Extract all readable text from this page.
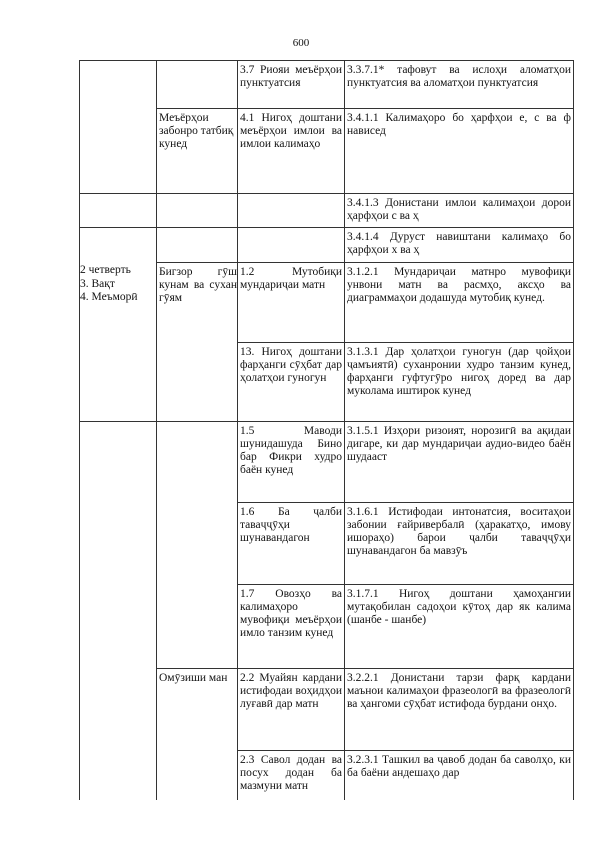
600
3.7 Риояи меъёрҳои пунктуатсия
3.3.7.1* тафовут ва ислоҳи аломатҳои пунктуатсия ва аломатҳои пунктуатсия
Меъёрҳои забонро татбиқ кунед
4.1 Нигоҳ доштани меъёрҳои имлои ва имлои калимаҳо
3.4.1.1 Калимаҳоро бо ҳарфҳои е, с ва ф нависед
3.4.1.3 Донистани имлои калимаҳои дорои ҳарфҳои с ва ҳ
3.4.1.4 Дуруст навиштани калимаҳо бо ҳарфҳои х ва ҳ
2 четверть
3. Вақт
4. Меъморӣ
Бигзор гӯш кунам ва сухан гӯям
1.2 Мутобиқи мундариҷаи матн
3.1.2.1 Мундариҷаи матнро мувофиқи унвони матн ва расмҳо, аксҳо ва диаграммаҳои додашуда мутобиқ кунед.
13. Нигоҳ доштани фарҳанги сӯҳбат дар ҳолатҳои гуногун
3.1.3.1 Дар ҳолатҳои гуногун (дар ҷойҳои ҷамъиятӣ) суханронии худро танзим кунед, фарҳанги гуфтугӯро нигоҳ доред ва дар муколама иштирок кунед
1.5 Маводи шунидашуда Бино бар Фикри худро баён кунед
3.1.5.1 Изҳори ризоият, норозигӣ ва ақидаи дигаре, ки дар мундариҷаи аудио-видео баён шудааст
1.6 Ба ҷалби таваҷҷӯҳи шунавандагон
3.1.6.1 Истифодаи интонатсия, воситаҳои забонии ғайривербалӣ (ҳаракатҳо, имову ишораҳо) барои ҷалби таваҷҷӯҳи шунавандагон ба мавзӯъ
1.7 Овозҳо ва калимаҳоро мувофиқи меъёрҳои имло танзим кунед
3.1.7.1 Нигоҳ доштани ҳамоҳангии мутақобилан садоҳои кӯтоҳ дар як калима (шанбе - шанбе)
Омӯзиши ман	2.2 Муайян кардани истифодаи воҳидҳои луғавӣ дар матн
3.2.2.1 Донистани тарзи фарқ кардани маънои калимаҳои фразеологӣ ва фразеологӣ ва ҳангоми сӯҳбат истифода бурдани онҳо.
2.3 Савол додан ва посух додан ба мазмуни матн
3.2.3.1 Ташкил ва ҷавоб додан ба саволҳо, ки ба баёни андешаҳо дар
